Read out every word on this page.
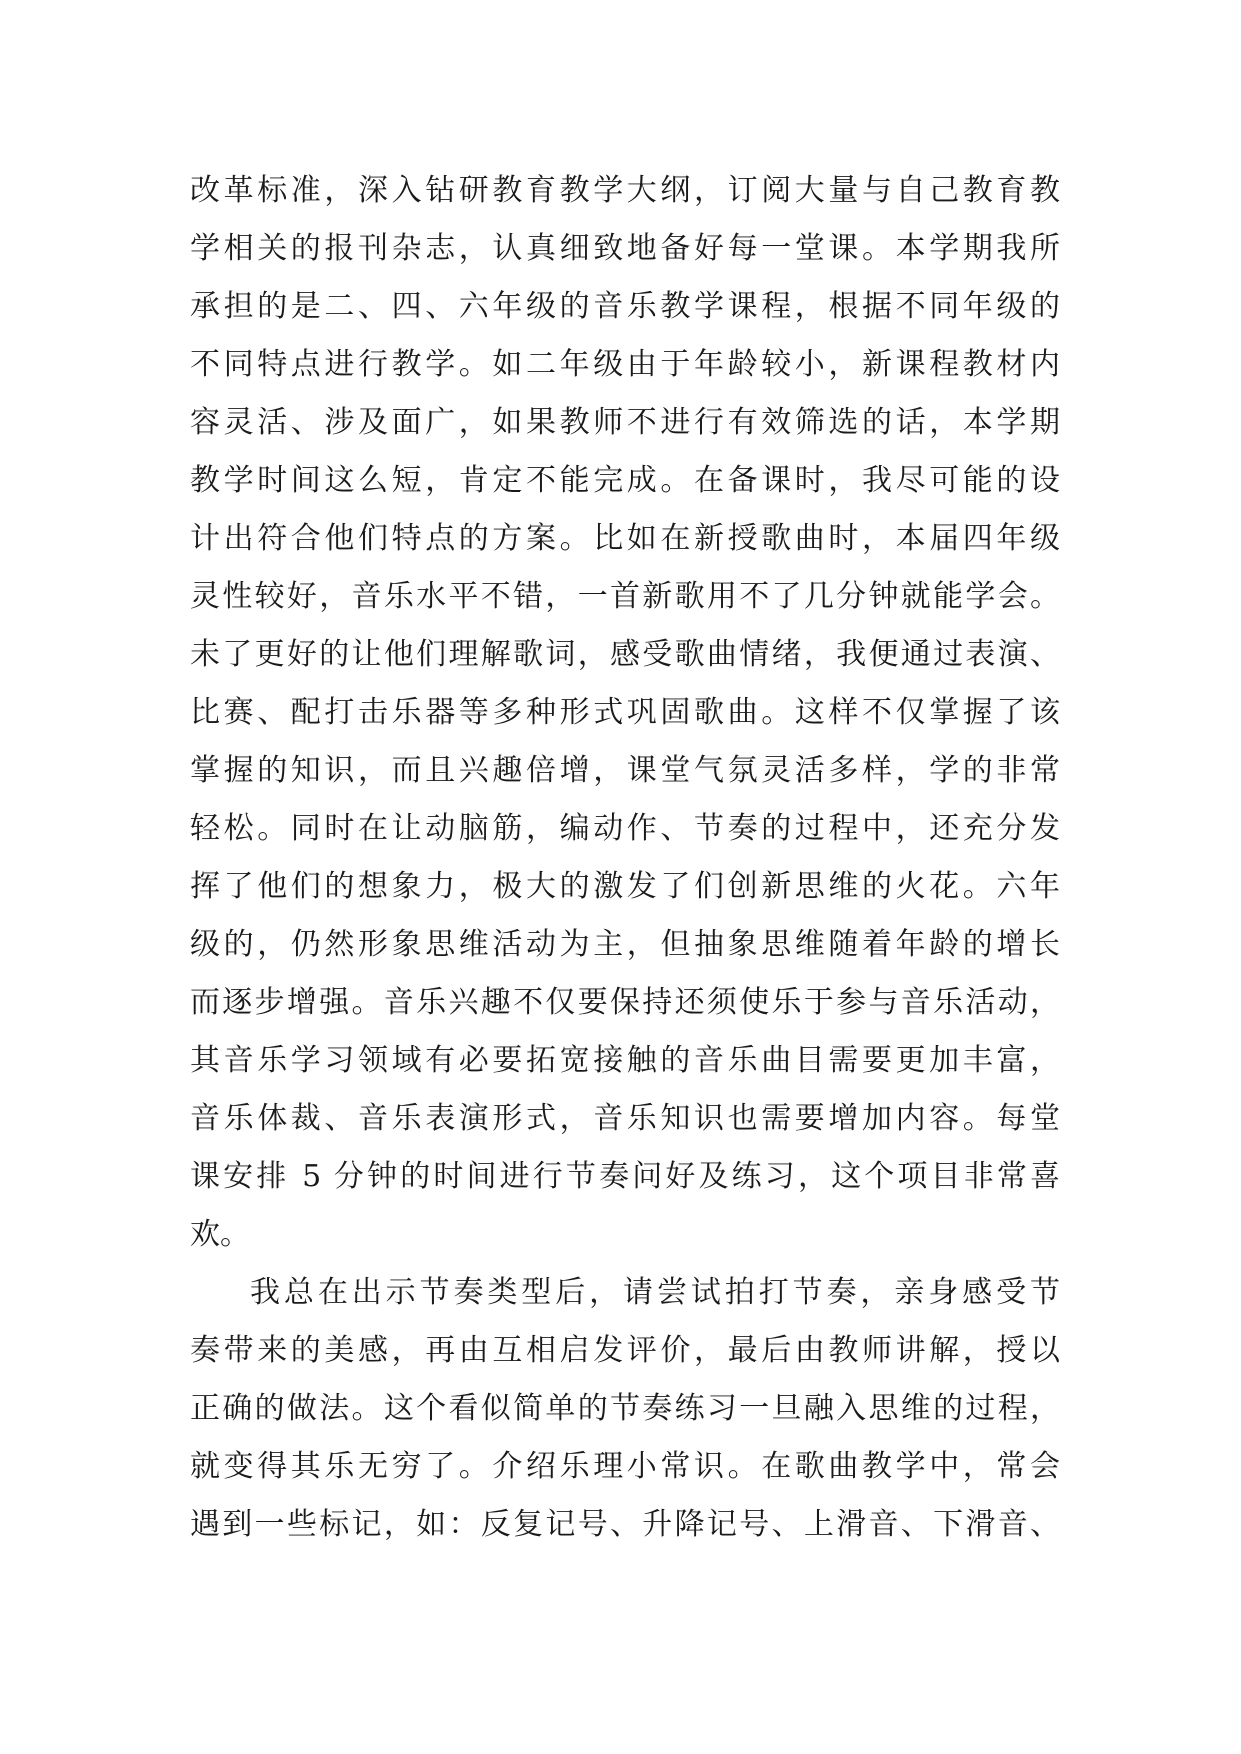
改革标准，深入钻研教育教学大纲，订阅大量与自己教育教
学相关的报刊杂志，认真细致地备好每一堂课。本学期我所
承担的是二、四、六年级的音乐教学课程，根据不同年级的
不同特点进行教学。如二年级由于年龄较小，新课程教材内
容灵活、涉及面广，如果教师不进行有效筛选的话，本学期
教学时间这么短，肯定不能完成。在备课时，我尽可能的设
计出符合他们特点的方案。比如在新授歌曲时，本届四年级
灵性较好，音乐水平不错，一首新歌用不了几分钟就能学会。
未了更好的让他们理解歌词，感受歌曲情绪，我便通过表演、
比赛、配打击乐器等多种形式巩固歌曲。这样不仅掌握了该
掌握的知识，而且兴趣倍增，课堂气氛灵活多样，学的非常
轻松。同时在让动脑筋，编动作、节奏的过程中，还充分发
挥了他们的想象力，极大的激发了们创新思维的火花。六年
级的，仍然形象思维活动为主，但抽象思维随着年龄的增长
而逐步增强。音乐兴趣不仅要保持还须使乐于参与音乐活动，
其音乐学习领域有必要拓宽接触的音乐曲目需要更加丰富，
音乐体裁、音乐表演形式，音乐知识也需要增加内容。每堂
课安排 5 分钟的时间进行节奏问好及练习，这个项目非常喜
欢。
我总在出示节奏类型后，请尝试拍打节奏，亲身感受节
奏带来的美感，再由互相启发评价，最后由教师讲解，授以
正确的做法。这个看似简单的节奏练习一旦融入思维的过程，
就变得其乐无穷了。介绍乐理小常识。在歌曲教学中，常会
遇到一些标记，如：反复记号、升降记号、上滑音、下滑音、
